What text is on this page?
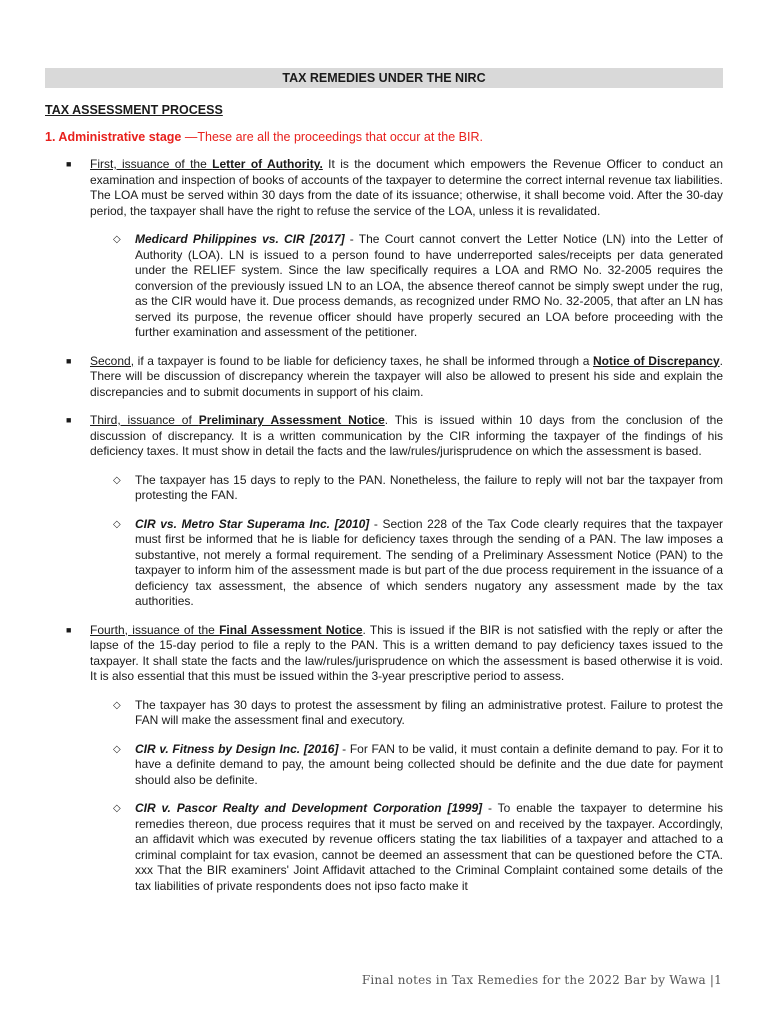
TAX REMEDIES UNDER THE NIRC
TAX ASSESSMENT PROCESS
1. Administrative stage —These are all the proceedings that occur at the BIR.
■ First, issuance of the Letter of Authority. It is the document which empowers the Revenue Officer to conduct an examination and inspection of books of accounts of the taxpayer to determine the correct internal revenue tax liabilities. The LOA must be served within 30 days from the date of its issuance; otherwise, it shall become void. After the 30-day period, the taxpayer shall have the right to refuse the service of the LOA, unless it is revalidated.

◇ Medicard Philippines vs. CIR [2017] - The Court cannot convert the Letter Notice (LN) into the Letter of Authority (LOA). LN is issued to a person found to have underreported sales/receipts per data generated under the RELIEF system. Since the law specifically requires a LOA and RMO No. 32-2005 requires the conversion of the previously issued LN to an LOA, the absence thereof cannot be simply swept under the rug, as the CIR would have it. Due process demands, as recognized under RMO No. 32-2005, that after an LN has served its purpose, the revenue officer should have properly secured an LOA before proceeding with the further examination and assessment of the petitioner.

■ Second, if a taxpayer is found to be liable for deficiency taxes, he shall be informed through a Notice of Discrepancy. There will be discussion of discrepancy wherein the taxpayer will also be allowed to present his side and explain the discrepancies and to submit documents in support of his claim.

■ Third, issuance of Preliminary Assessment Notice. This is issued within 10 days from the conclusion of the discussion of discrepancy. It is a written communication by the CIR informing the taxpayer of the findings of his deficiency taxes. It must show in detail the facts and the law/rules/jurisprudence on which the assessment is based.

◇ The taxpayer has 15 days to reply to the PAN. Nonetheless, the failure to reply will not bar the taxpayer from protesting the FAN.

◇ CIR vs. Metro Star Superama Inc. [2010] - Section 228 of the Tax Code clearly requires that the taxpayer must first be informed that he is liable for deficiency taxes through the sending of a PAN. The law imposes a substantive, not merely a formal requirement. The sending of a Preliminary Assessment Notice (PAN) to the taxpayer to inform him of the assessment made is but part of the due process requirement in the issuance of a deficiency tax assessment, the absence of which senders nugatory any assessment made by the tax authorities.

■ Fourth, issuance of the Final Assessment Notice. This is issued if the BIR is not satisfied with the reply or after the lapse of the 15-day period to file a reply to the PAN. This is a written demand to pay deficiency taxes issued to the taxpayer. It shall state the facts and the law/rules/jurisprudence on which the assessment is based otherwise it is void. It is also essential that this must be issued within the 3-year prescriptive period to assess.

◇ The taxpayer has 30 days to protest the assessment by filing an administrative protest. Failure to protest the FAN will make the assessment final and executory.

◇ CIR v. Fitness by Design Inc. [2016] - For FAN to be valid, it must contain a definite demand to pay. For it to have a definite demand to pay, the amount being collected should be definite and the due date for payment should also be definite.

◇ CIR v. Pascor Realty and Development Corporation [1999] - To enable the taxpayer to determine his remedies thereon, due process requires that it must be served on and received by the taxpayer. Accordingly, an affidavit which was executed by revenue officers stating the tax liabilities of a taxpayer and attached to a criminal complaint for tax evasion, cannot be deemed an assessment that can be questioned before the CTA. xxx That the BIR examiners' Joint Affidavit attached to the Criminal Complaint contained some details of the tax liabilities of private respondents does not ipso facto make it

Final notes in Tax Remedies for the 2022 Bar by Wawa |1
